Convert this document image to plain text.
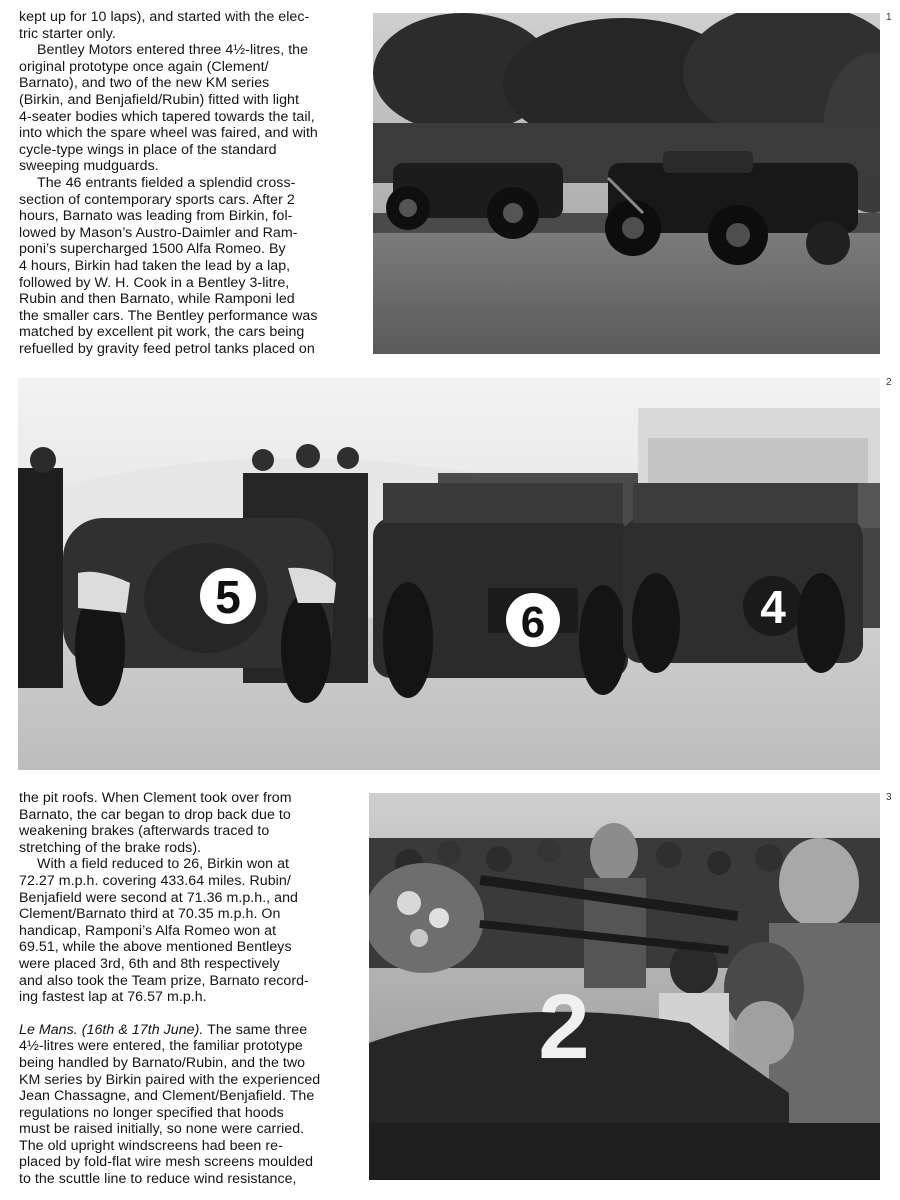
kept up for 10 laps), and started with the elec-
tric starter only.
Bentley Motors entered three 4½-litres, the
original prototype once again (Clement/
Barnato), and two of the new KM series
(Birkin, and Benjafield/Rubin) fitted with light
4-seater bodies which tapered towards the tail,
into which the spare wheel was faired, and with
cycle-type wings in place of the standard
sweeping mudguards.
The 46 entrants fielded a splendid cross-
section of contemporary sports cars. After 2
hours, Barnato was leading from Birkin, fol-
lowed by Mason’s Austro-Daimler and Ram-
poni’s supercharged 1500 Alfa Romeo. By
4 hours, Birkin had taken the lead by a lap,
followed by W. H. Cook in a Bentley 3-litre,
Rubin and then Barnato, while Ramponi led
the smaller cars. The Bentley performance was
matched by excellent pit work, the cars being
refuelled by gravity feed petrol tanks placed on
1
5	6	4
2
the pit roofs. When Clement took over from
Barnato, the car began to drop back due to
weakening brakes (afterwards traced to
stretching of the brake rods).
With a field reduced to 26, Birkin won at
72.27 m.p.h. covering 433.64 miles. Rubin/
Benjafield were second at 71.36 m.p.h., and
Clement/Barnato third at 70.35 m.p.h. On
handicap, Ramponi’s Alfa Romeo won at
69.51, while the above mentioned Bentleys
were placed 3rd, 6th and 8th respectively
and also took the Team prize, Barnato record-
ing fastest lap at 76.57 m.p.h.
Le Mans. (16th & 17th June). The same three
4½-litres were entered, the familiar prototype
being handled by Barnato/Rubin, and the two
KM series by Birkin paired with the experienced
Jean Chassagne, and Clement/Benjafield. The
regulations no longer specified that hoods
must be raised initially, so none were carried.
The old upright windscreens had been re-
placed by fold-flat wire mesh screens moulded
to the scuttle line to reduce wind resistance,
2
3
